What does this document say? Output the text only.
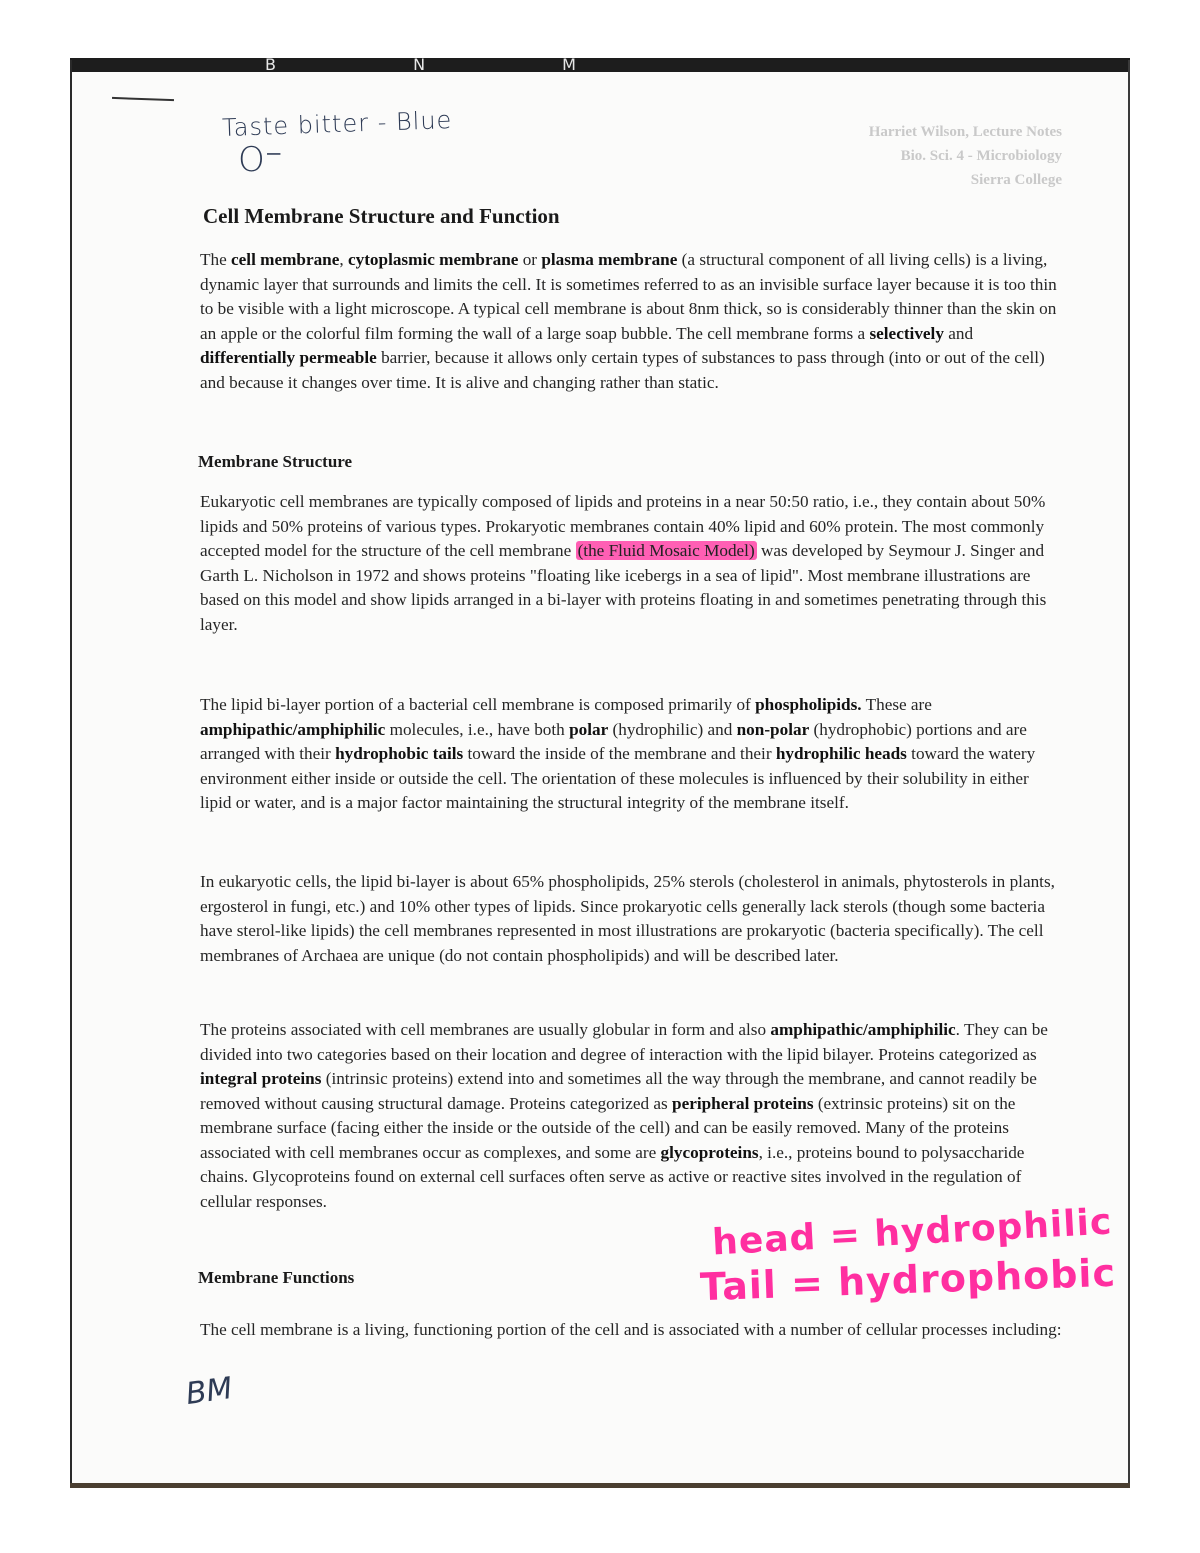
B N M
Taste bitter - Blue
O⁻
Harriet Wilson, Lecture Notes
Bio. Sci. 4 - Microbiology
Sierra College
Cell Membrane Structure and Function

The cell membrane, cytoplasmic membrane or plasma membrane (a structural component of all living cells) is a living, dynamic layer that surrounds and limits the cell. It is sometimes referred to as an invisible surface layer because it is too thin to be visible with a light microscope. A typical cell membrane is about 8nm thick, so is considerably thinner than the skin on an apple or the colorful film forming the wall of a large soap bubble. The cell membrane forms a selectively and differentially permeable barrier, because it allows only certain types of substances to pass through (into or out of the cell) and because it changes over time. It is alive and changing rather than static.

Membrane Structure

Eukaryotic cell membranes are typically composed of lipids and proteins in a near 50:50 ratio, i.e., they contain about 50% lipids and 50% proteins of various types. Prokaryotic membranes contain 40% lipid and 60% protein. The most commonly accepted model for the structure of the cell membrane (the Fluid Mosaic Model) was developed by Seymour J. Singer and Garth L. Nicholson in 1972 and shows proteins "floating like icebergs in a sea of lipid". Most membrane illustrations are based on this model and show lipids arranged in a bi-layer with proteins floating in and sometimes penetrating through this layer.

The lipid bi-layer portion of a bacterial cell membrane is composed primarily of phospholipids. These are amphipathic/amphiphilic molecules, i.e., have both polar (hydrophilic) and non-polar (hydrophobic) portions and are arranged with their hydrophobic tails toward the inside of the membrane and their hydrophilic heads toward the watery environment either inside or outside the cell. The orientation of these molecules is influenced by their solubility in either lipid or water, and is a major factor maintaining the structural integrity of the membrane itself.

In eukaryotic cells, the lipid bi-layer is about 65% phospholipids, 25% sterols (cholesterol in animals, phytosterols in plants, ergosterol in fungi, etc.) and 10% other types of lipids. Since prokaryotic cells generally lack sterols (though some bacteria have sterol-like lipids) the cell membranes represented in most illustrations are prokaryotic (bacteria specifically). The cell membranes of Archaea are unique (do not contain phospholipids) and will be described later.

The proteins associated with cell membranes are usually globular in form and also amphipathic/amphiphilic. They can be divided into two categories based on their location and degree of interaction with the lipid bilayer. Proteins categorized as integral proteins (intrinsic proteins) extend into and sometimes all the way through the membrane, and cannot readily be removed without causing structural damage. Proteins categorized as peripheral proteins (extrinsic proteins) sit on the membrane surface (facing either the inside or the outside of the cell) and can be easily removed. Many of the proteins associated with cell membranes occur as complexes, and some are glycoproteins, i.e., proteins bound to polysaccharide chains. Glycoproteins found on external cell surfaces often serve as active or reactive sites involved in the regulation of cellular responses.

Membrane Functions

The cell membrane is a living, functioning portion of the cell and is associated with a number of cellular processes including:

head = hydrophilic
Tail = hydrophobic
BM
